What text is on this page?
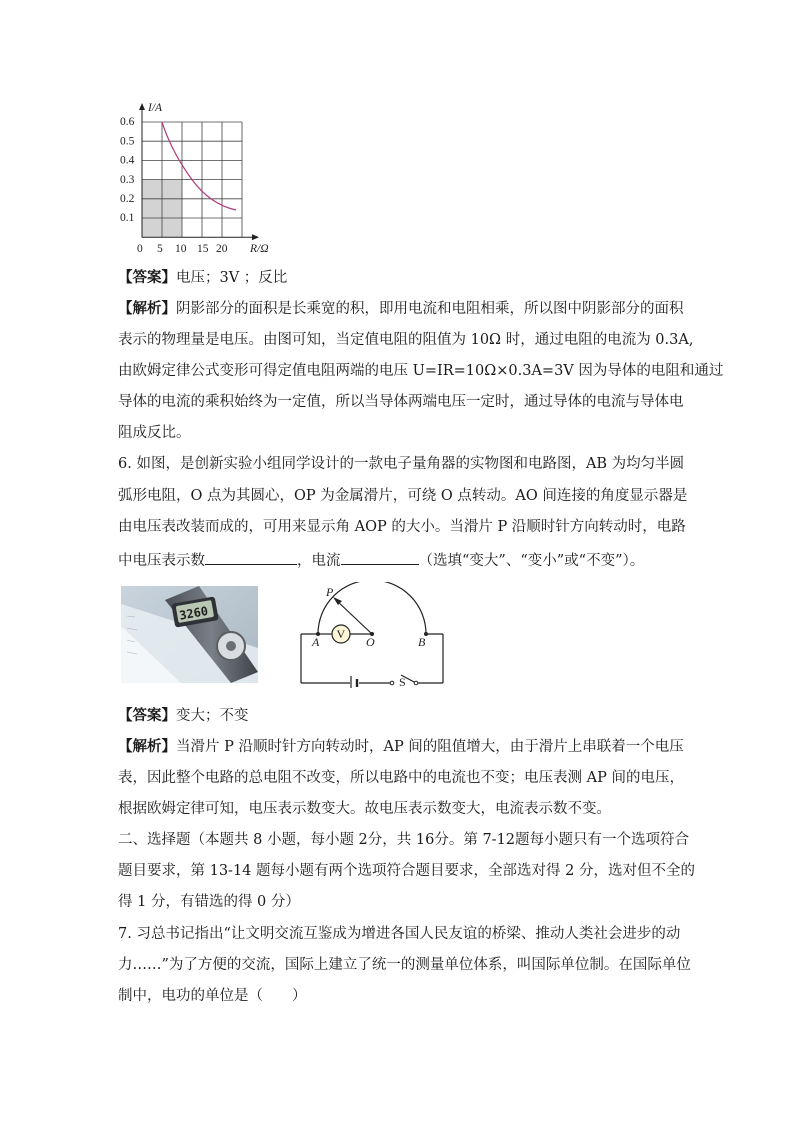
I/A
0.6
0.5
0.4
0.3
0.2
0.1
0 5 10 15 20 R/Ω
【答案】电压；3V ；反比
【解析】阴影部分的面积是长乘宽的积，即用电流和电阻相乘，所以图中阴影部分的面积
表示的物理量是电压。由图可知，当定值电阻的阻值为 10Ω 时，通过电阻的电流为 0.3A,
由欧姆定律公式变形可得定值电阻两端的电压 U=IR=10Ω×0.3A=3V 因为导体的电阻和通过
导体的电流的乘积始终为一定值，所以当导体两端电压一定时，通过导体的电流与导体电
阻成反比。
6. 如图，是创新实验小组同学设计的一款电子量角器的实物图和电路图，AB 为均匀半圆
弧形电阻，O 点为其圆心，OP 为金属滑片，可绕 O 点转动。AO 间连接的角度显示器是
由电压表改装而成的，可用来显示角 AOP 的大小。当滑片 P 沿顺时针方向转动时，电路
中电压表示数	，电流	（选填“变大”、“变小”或“不变”）。
3260
V
P
A	O	B
S
【答案】变大；不变
【解析】当滑片 P 沿顺时针方向转动时，AP 间的阻值增大，由于滑片上串联着一个电压
表，因此整个电路的总电阻不改变，所以电路中的电流也不变；电压表测 AP 间的电压，
根据欧姆定律可知，电压表示数变大。故电压表示数变大，电流表示数不变。
二、选择题（本题共 8 小题，每小题 2分，共 16分。第 7-12题每小题只有一个选项符合
题目要求，第 13-14 题每小题有两个选项符合题目要求，全部选对得 2 分，选对但不全的
得 1 分，有错选的得 0 分）
7. 习总书记指出“让文明交流互鉴成为增进各国人民友谊的桥梁、推动人类社会进步的动
力……”为了方便的交流，国际上建立了统一的测量单位体系，叫国际单位制。在国际单位
制中，电功的单位是（　　）
